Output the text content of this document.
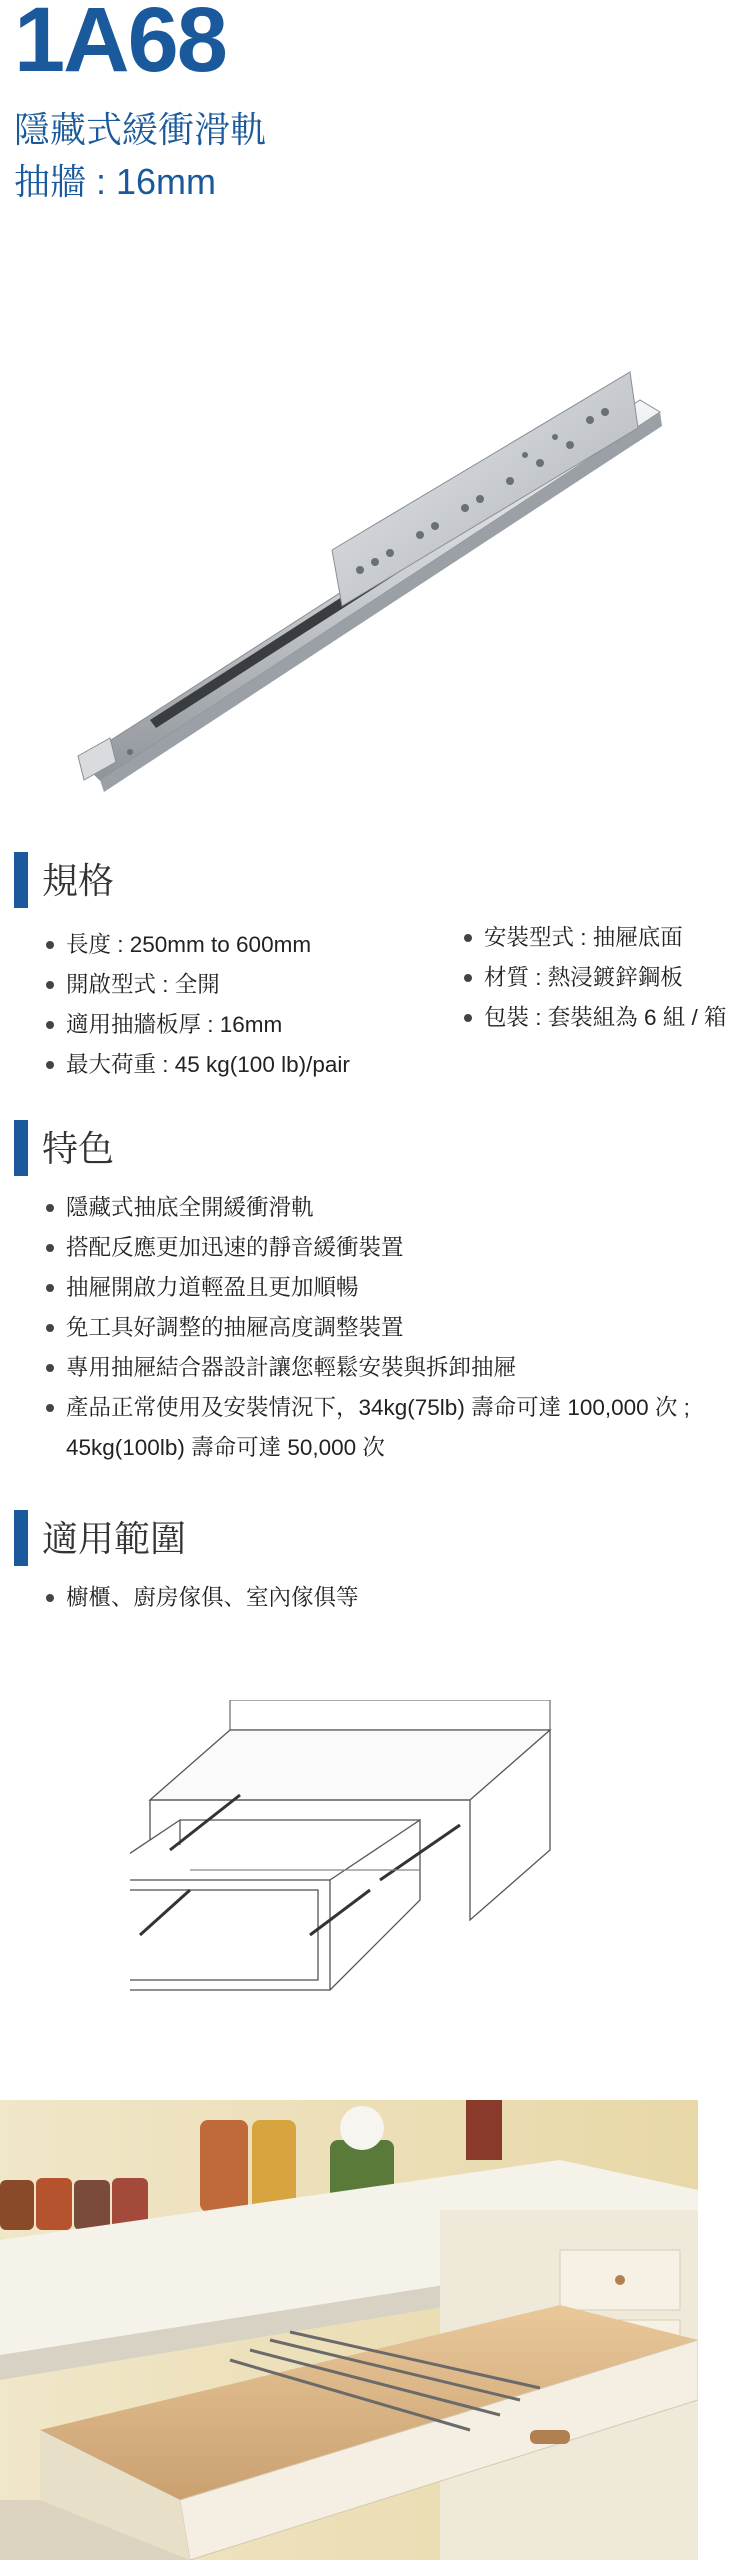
1A68
隱藏式緩衝滑軌
抽牆 : 16mm
規格
長度 : 250mm to 600mm
開啟型式 : 全開
適用抽牆板厚 : 16mm
最大荷重 : 45 kg(100 lb)/pair
安裝型式 : 抽屜底面
材質 : 熱浸鍍鋅鋼板
包裝 : 套裝組為 6 組 / 箱
特色
隱藏式抽底全開緩衝滑軌
搭配反應更加迅速的靜音緩衝裝置
抽屜開啟力道輕盈且更加順暢
免工具好調整的抽屜高度調整裝置
專用抽屜結合器設計讓您輕鬆安裝與拆卸抽屜
產品正常使用及安裝情況下，34kg(75lb) 壽命可達 100,000 次 ; 45kg(100lb) 壽命可達 50,000 次
適用範圍
櫥櫃、廚房傢俱、室內傢俱等
